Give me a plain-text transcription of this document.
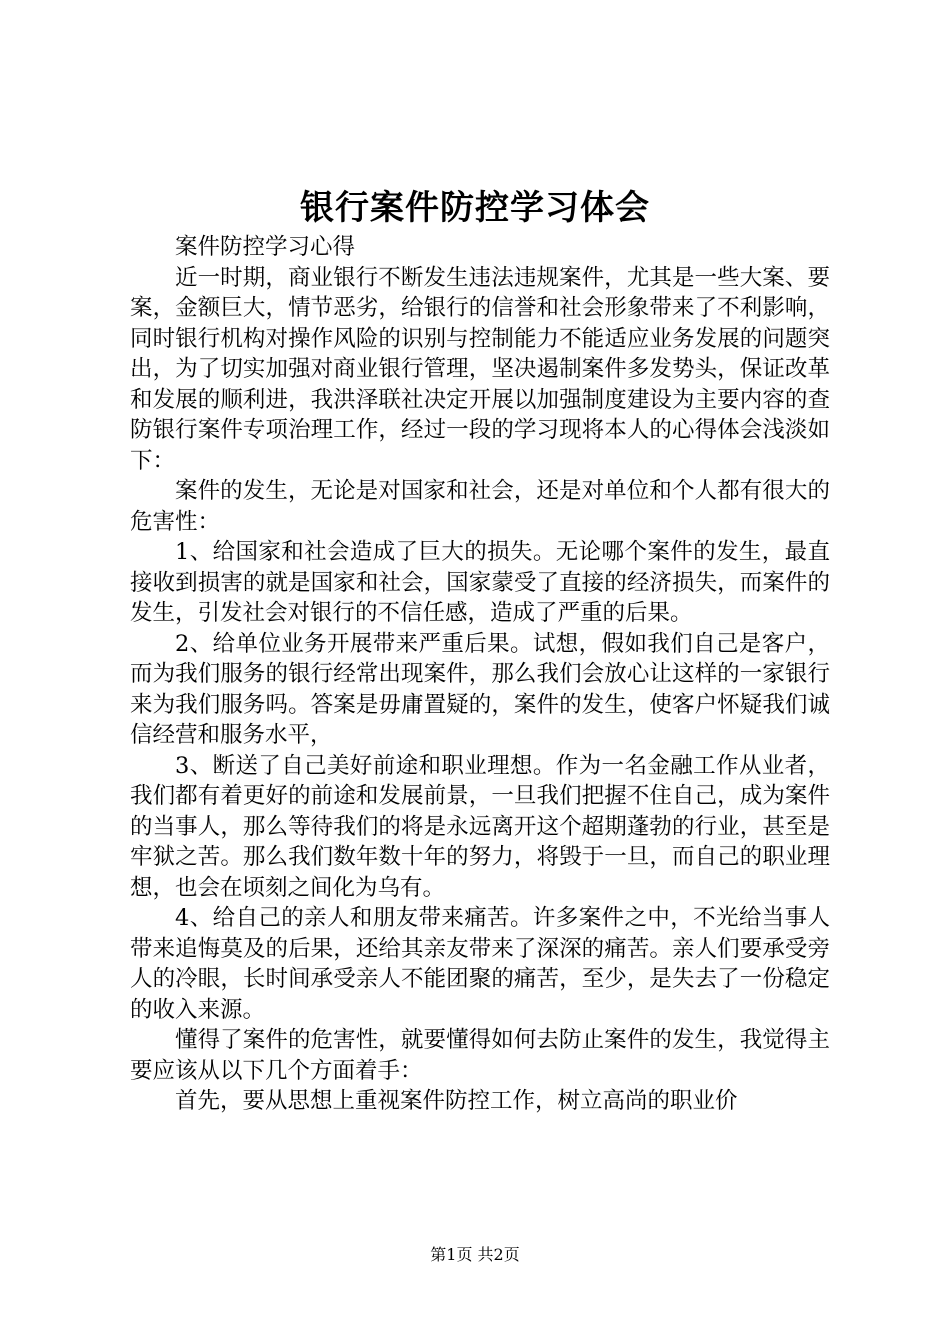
银行案件防控学习体会

案件防控学习心得

近一时期，商业银行不断发生违法违规案件，尤其是一些大案、要案，金额巨大，情节恶劣，给银行的信誉和社会形象带来了不利影响，同时银行机构对操作风险的识别与控制能力不能适应业务发展的问题突出，为了切实加强对商业银行管理，坚决遏制案件多发势头，保证改革和发展的顺利进，我洪泽联社决定开展以加强制度建设为主要内容的查防银行案件专项治理工作，经过一段的学习现将本人的心得体会浅淡如下：

案件的发生，无论是对国家和社会，还是对单位和个人都有很大的危害性：

1、给国家和社会造成了巨大的损失。无论哪个案件的发生，最直接收到损害的就是国家和社会，国家蒙受了直接的经济损失，而案件的发生，引发社会对银行的不信任感，造成了严重的后果。

2、给单位业务开展带来严重后果。试想，假如我们自己是客户，而为我们服务的银行经常出现案件，那么我们会放心让这样的一家银行来为我们服务吗。答案是毋庸置疑的，案件的发生，使客户怀疑我们诚信经营和服务水平，

3、断送了自己美好前途和职业理想。作为一名金融工作从业者，我们都有着更好的前途和发展前景，一旦我们把握不住自己，成为案件的当事人，那么等待我们的将是永远离开这个超期蓬勃的行业，甚至是牢狱之苦。那么我们数年数十年的努力，将毁于一旦，而自己的职业理想，也会在顷刻之间化为乌有。

4、给自己的亲人和朋友带来痛苦。许多案件之中，不光给当事人带来追悔莫及的后果，还给其亲友带来了深深的痛苦。亲人们要承受旁人的冷眼，长时间承受亲人不能团聚的痛苦，至少，是失去了一份稳定的收入来源。

懂得了案件的危害性，就要懂得如何去防止案件的发生，我觉得主要应该从以下几个方面着手：

首先，要从思想上重视案件防控工作，树立高尚的职业价

第1页 共2页
